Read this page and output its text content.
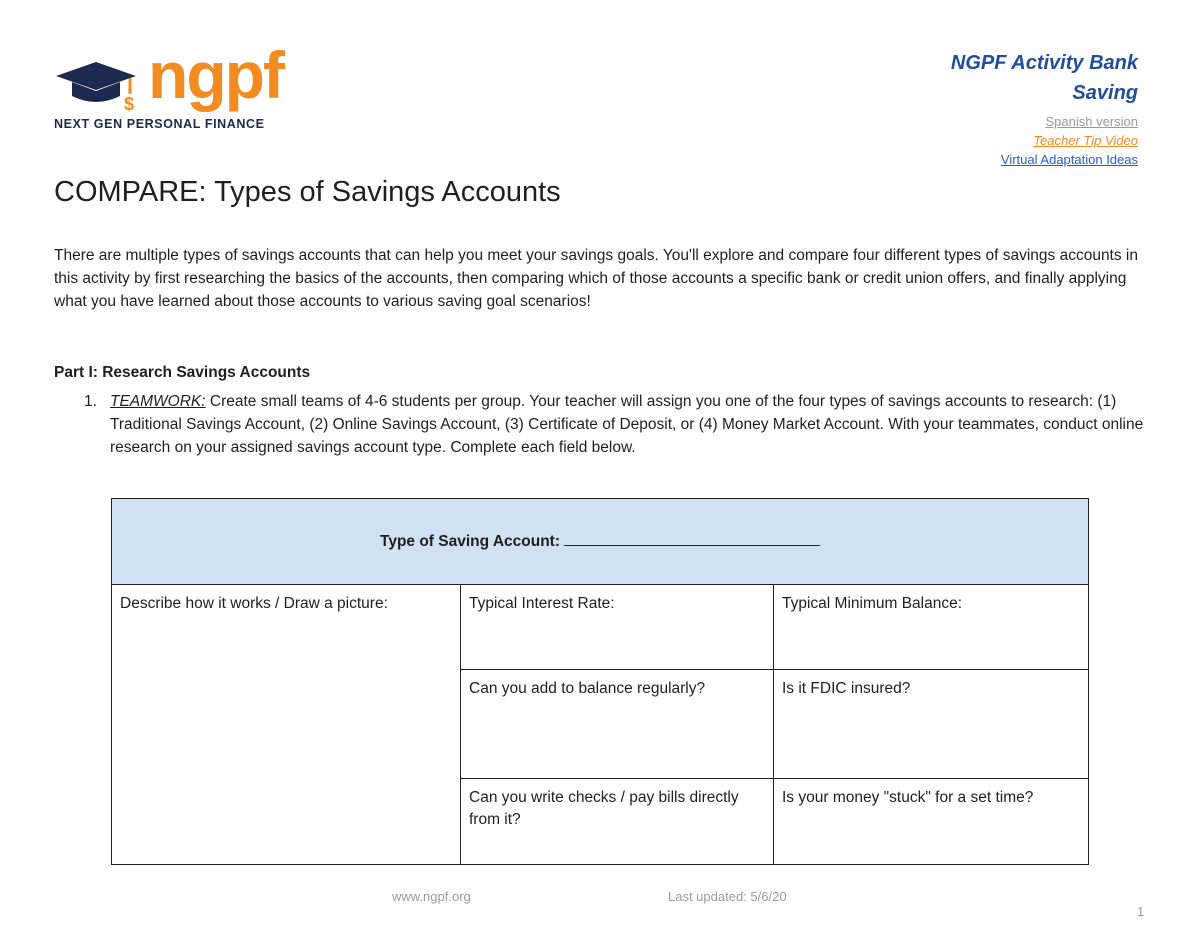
$ ngpf
NEXT GEN PERSONAL FINANCE
NGPF Activity Bank
Saving
Spanish version
Teacher Tip Video
Virtual Adaptation Ideas
COMPARE: Types of Savings Accounts

There are multiple types of savings accounts that can help you meet your savings goals. You'll explore and compare four different types of savings accounts in this activity by first researching the basics of the accounts, then comparing which of those accounts a specific bank or credit union offers, and finally applying what you have learned about those accounts to various saving goal scenarios!

Part I: Research Savings Accounts

1. TEAMWORK: Create small teams of 4-6 students per group. Your teacher will assign you one of the four types of savings accounts to research: (1) Traditional Savings Account, (2) Online Savings Account, (3) Certificate of Deposit, or (4) Money Market Account. With your teammates, conduct online research on your assigned savings account type. Complete each field below.
Type of Saving Account:		
Describe how it works / Draw a picture:	Typical Interest Rate:	Typical Minimum Balance:
	Can you add to balance regularly?	Is it FDIC insured?
	Can you write checks / pay bills directly from it?	Is your money "stuck" for a set time?
www.ngpf.org	Last updated: 5/6/20
1
